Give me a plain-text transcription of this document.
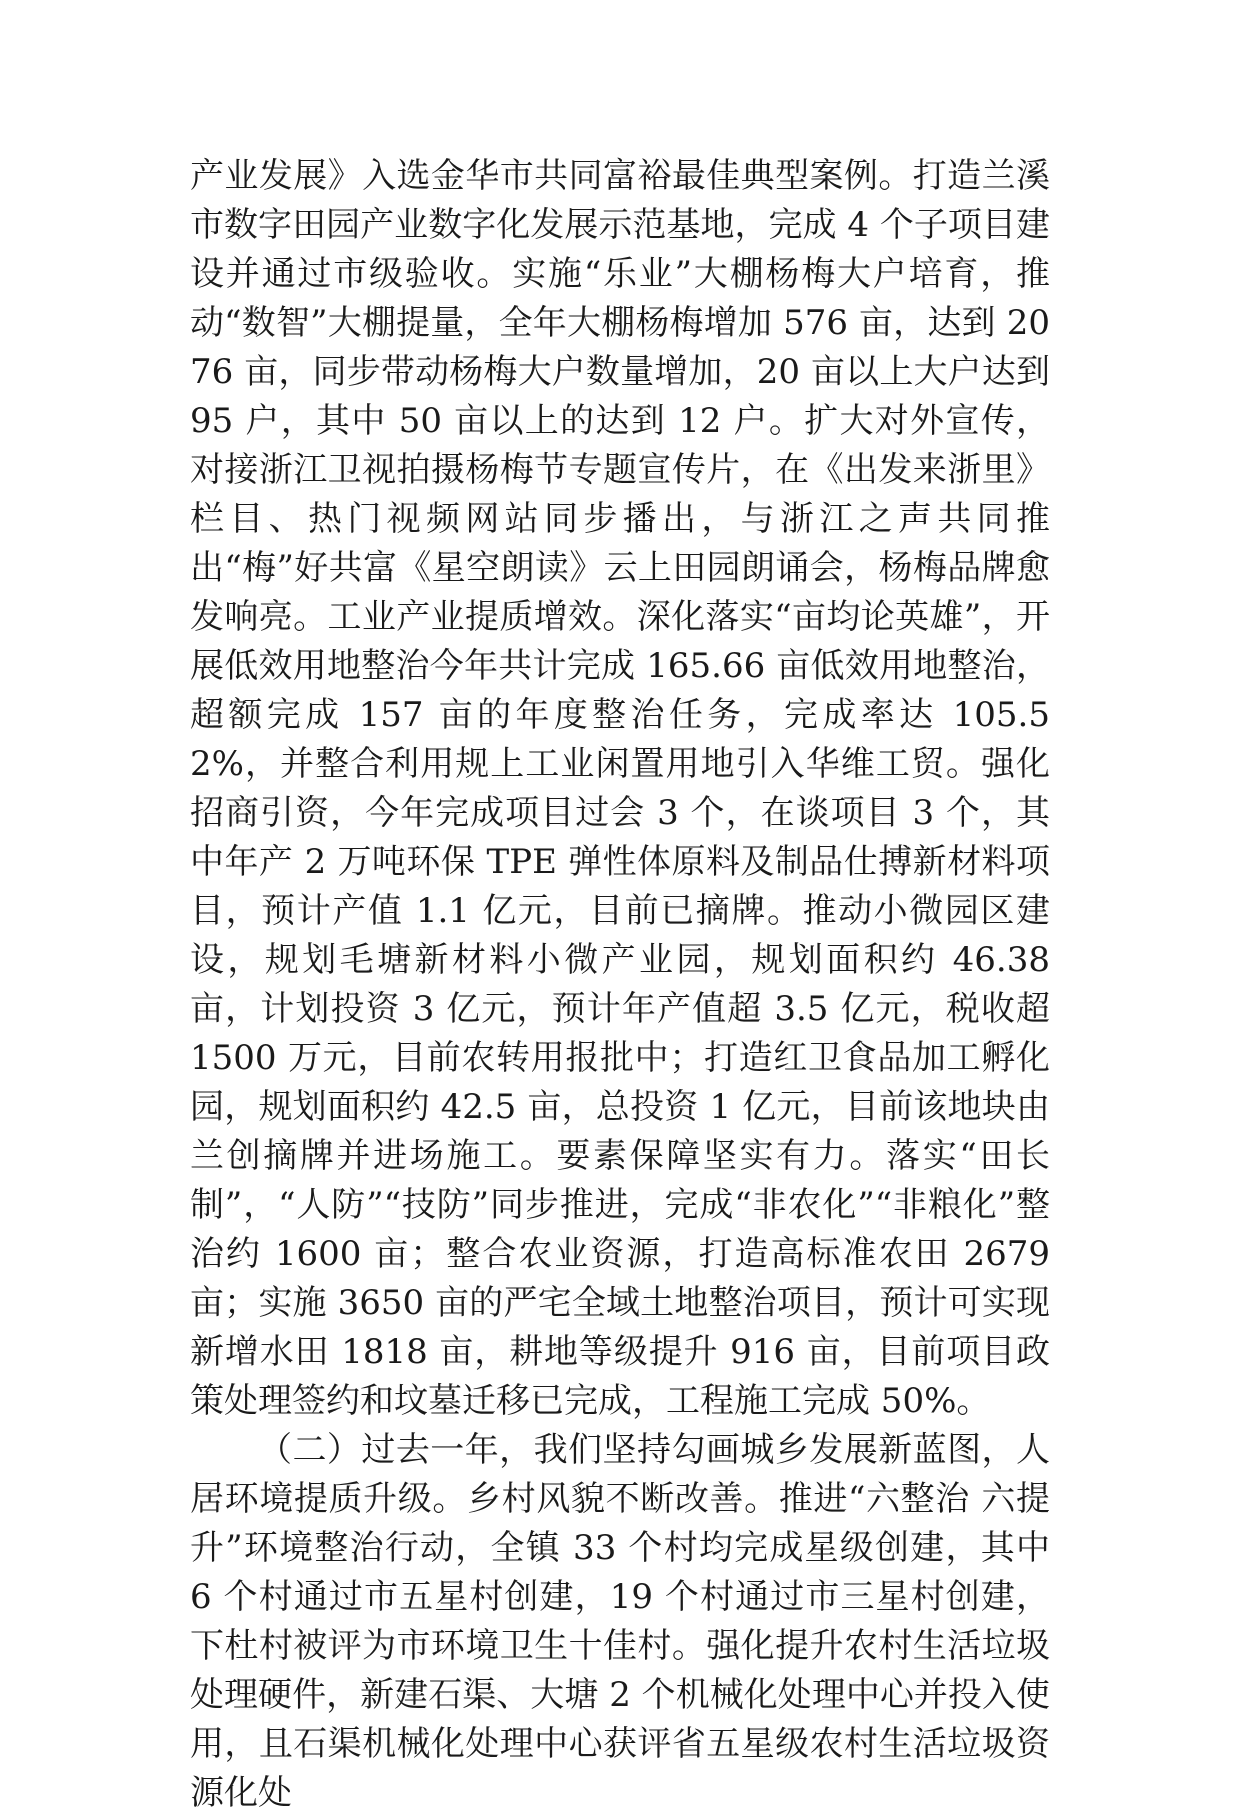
产业发展》入选金华市共同富裕最佳典型案例。打造兰溪市数字田园产业数字化发展示范基地，完成 4 个子项目建设并通过市级验收。实施“乐业”大棚杨梅大户培育，推动“数智”大棚提量，全年大棚杨梅增加 576 亩，达到 2076 亩，同步带动杨梅大户数量增加，20 亩以上大户达到 95 户，其中 50 亩以上的达到 12 户。扩大对外宣传，对接浙江卫视拍摄杨梅节专题宣传片，在《出发来浙里》栏目、热门视频网站同步播出，与浙江之声共同推出“梅”好共富《星空朗读》云上田园朗诵会，杨梅品牌愈发响亮。工业产业提质增效。深化落实“亩均论英雄”，开展低效用地整治今年共计完成 165.66 亩低效用地整治，超额完成 157 亩的年度整治任务，完成率达 105.52%，并整合利用规上工业闲置用地引入华维工贸。强化招商引资，今年完成项目过会 3 个，在谈项目 3 个，其中年产 2 万吨环保 TPE 弹性体原料及制品仕搏新材料项目，预计产值 1.1 亿元，目前已摘牌。推动小微园区建设，规划毛塘新材料小微产业园，规划面积约 46.38 亩，计划投资 3 亿元，预计年产值超 3.5 亿元，税收超 1500 万元，目前农转用报批中；打造红卫食品加工孵化园，规划面积约 42.5 亩，总投资 1 亿元，目前该地块由兰创摘牌并进场施工。要素保障坚实有力。落实“田长制”，“人防”“技防”同步推进，完成“非农化”“非粮化”整治约 1600 亩；整合农业资源，打造高标准农田 2679 亩；实施 3650 亩的严宅全域土地整治项目，预计可实现新增水田 1818 亩，耕地等级提升 916 亩，目前项目政策处理签约和坟墓迁移已完成，工程施工完成 50%。

（二）过去一年，我们坚持勾画城乡发展新蓝图，人居环境提质升级。乡村风貌不断改善。推进“六整治 六提升”环境整治行动，全镇 33 个村均完成星级创建，其中 6 个村通过市五星村创建，19 个村通过市三星村创建，下杜村被评为市环境卫生十佳村。强化提升农村生活垃圾处理硬件，新建石渠、大塘 2 个机械化处理中心并投入使用，且石渠机械化处理中心获评省五星级农村生活垃圾资源化处
